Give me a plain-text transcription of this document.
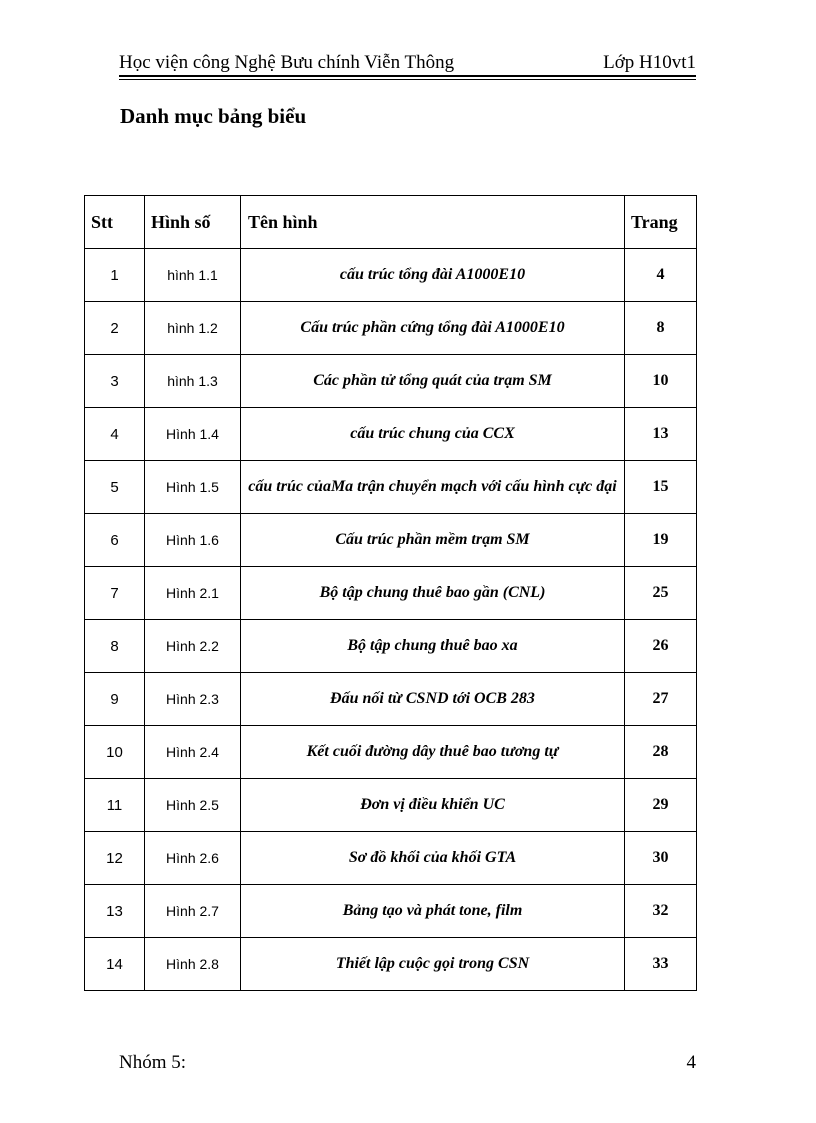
Học viện công Nghệ Bưu chính Viễn Thông	Lớp H10vt1
Danh mục bảng biểu
Stt	Hình số	Tên hình	Trang
1	hình 1.1	cấu trúc tổng đài A1000E10	4
2	hình 1.2	Cấu trúc phần cứng tổng đài A1000E10	8
3	hình 1.3	Các phần tử tổng quát của trạm SM	10
4	Hình 1.4	cấu trúc chung của CCX	13
5	Hình 1.5	cấu trúc củaMa trận chuyển mạch với cấu hình cực đại	15
6	Hình 1.6	Cấu trúc phần mềm trạm SM	19
7	Hình 2.1	Bộ tập chung thuê bao gần (CNL)	25
8	Hình 2.2	Bộ tập chung thuê bao xa	26
9	Hình 2.3	Đấu nối từ CSND tới OCB 283	27
10	Hình 2.4	Kết cuối đường dây thuê bao tương tự	28
11	Hình 2.5	Đơn vị điều khiển UC	29
12	Hình 2.6	Sơ đồ khối của khối GTA	30
13	Hình 2.7	Bảng tạo và phát tone, film	32
14	Hình 2.8	Thiết lập cuộc gọi trong CSN	33
Nhóm 5:	4
